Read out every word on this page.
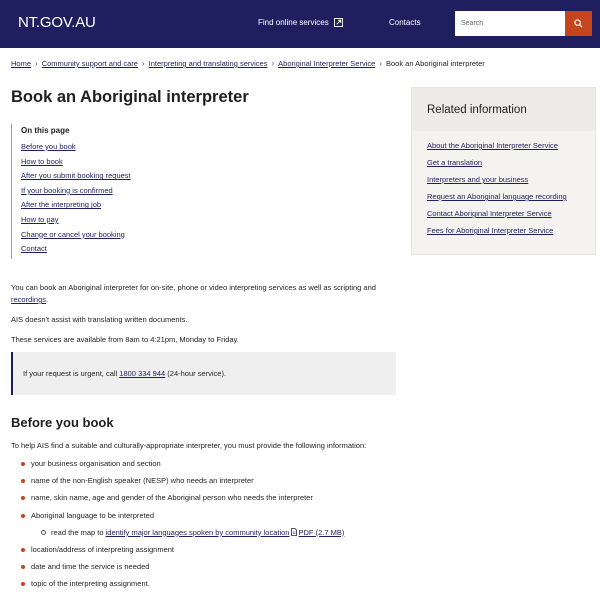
NT.GOV.AU	Find online services	Contacts
Search
Home › Community support and care › Interpreting and translating services › Aboriginal Interpreter Service › Book an Aboriginal interpreter
Book an Aboriginal interpreter
On this page
Before you book
How to book
After you submit booking request
If your booking is confirmed
After the interpreting job
How to pay
Change or cancel your booking
Contact

You can book an Aboriginal interpreter for on-site, phone or video interpreting services as well as scripting and recordings.

AIS doesn't assist with translating written documents.

These services are available from 8am to 4:21pm, Monday to Friday.

If your request is urgent, call 1800 334 944 (24-hour service).
Before you book

To help AIS find a suitable and culturally-appropriate interpreter, you must provide the following information:

your business organisation and section
name of the non-English speaker (NESP) who needs an interpreter
name, skin name, age and gender of the Aboriginal person who needs the interpreter
Aboriginal language to be interpreted
read the map to identify major languages spoken by community location PDF (2.7 MB)
location/address of interpreting assignment
date and time the service is needed
topic of the interpreting assignment.
Related information
About the Aboriginal Interpreter Service
Get a translation
Interpreters and your business
Request an Aboriginal language recording
Contact Aboriginal Interpreter Service
Fees for Aboriginal Interpreter Service
